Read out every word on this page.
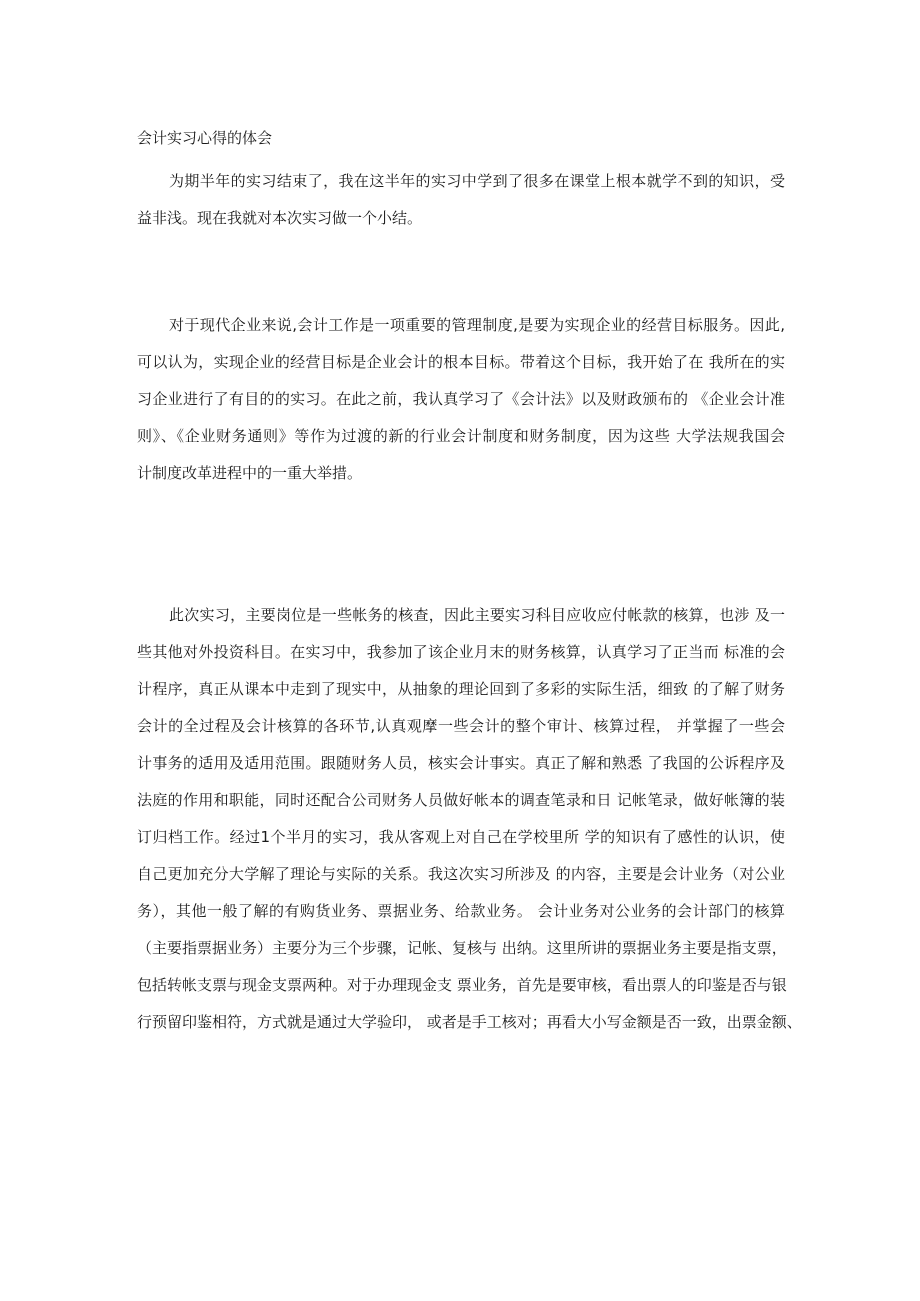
会计实习心得的体会
为期半年的实习结束了，我在这半年的实习中学到了很多在课堂上根本就学不到的知识，受
益非浅。现在我就对本次实习做一个小结。
对于现代企业来说,会计工作是一项重要的管理制度,是要为实现企业的经营目标服务。因此,
可以认为，实现企业的经营目标是企业会计的根本目标。带着这个目标，我开始了在 我所在的实
习企业进行了有目的的实习。在此之前，我认真学习了《会计法》以及财政颁布的 《企业会计准
则》、《企业财务通则》等作为过渡的新的行业会计制度和财务制度，因为这些 大学法规我国会
计制度改革进程中的一重大举措。
此次实习，主要岗位是一些帐务的核查，因此主要实习科目应收应付帐款的核算，也涉 及一
些其他对外投资科目。在实习中，我参加了该企业月末的财务核算，认真学习了正当而 标准的会
计程序，真正从课本中走到了现实中，从抽象的理论回到了多彩的实际生活，细致 的了解了财务
会计的全过程及会计核算的各环节,认真观摩一些会计的整个审计、核算过程， 并掌握了一些会
计事务的适用及适用范围。跟随财务人员，核实会计事实。真正了解和熟悉 了我国的公诉程序及
法庭的作用和职能，同时还配合公司财务人员做好帐本的调查笔录和日 记帐笔录，做好帐簿的装
订归档工作。经过1个半月的实习，我从客观上对自己在学校里所 学的知识有了感性的认识，使
自己更加充分大学解了理论与实际的关系。我这次实习所涉及 的内容，主要是会计业务（对公业
务），其他一般了解的有购货业务、票据业务、给款业务。 会计业务对公业务的会计部门的核算
（主要指票据业务）主要分为三个步骤，记帐、复核与 出纳。这里所讲的票据业务主要是指支票，
包括转帐支票与现金支票两种。对于办理现金支 票业务，首先是要审核，看出票人的印鉴是否与银
行预留印鉴相符，方式就是通过大学验印， 或者是手工核对；再看大小写金额是否一致，出票金额、
